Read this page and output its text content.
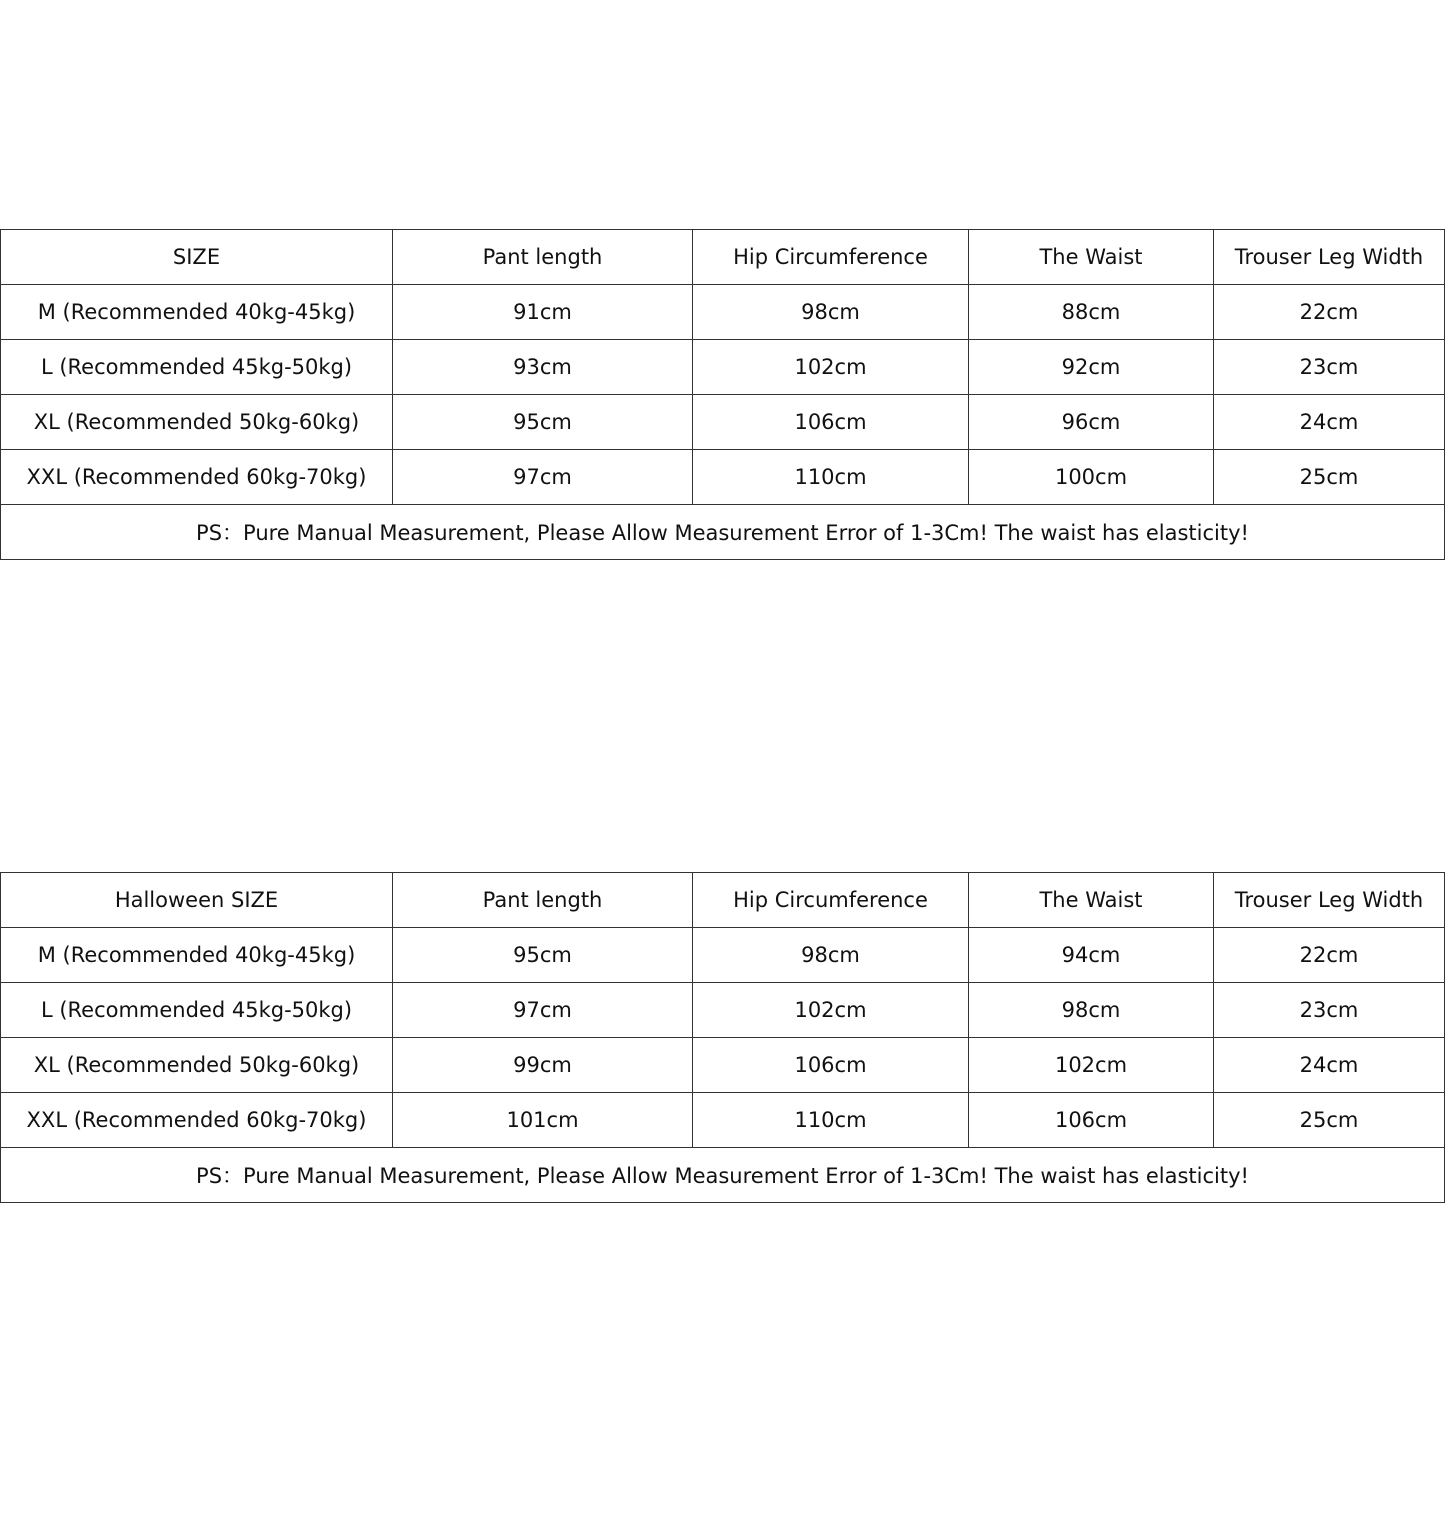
SIZE	Pant length	Hip Circumference	The Waist	Trouser Leg Width
M (Recommended 40kg-45kg)	91cm	98cm	88cm	22cm
L (Recommended 45kg-50kg)	93cm	102cm	92cm	23cm
XL (Recommended 50kg-60kg)	95cm	106cm	96cm	24cm
XXL (Recommended 60kg-70kg)	97cm	110cm	100cm	25cm
PS：Pure Manual Measurement, Please Allow Measurement Error of 1-3Cm! The waist has elasticity!				
Halloween SIZE	Pant length	Hip Circumference	The Waist	Trouser Leg Width
M (Recommended 40kg-45kg)	95cm	98cm	94cm	22cm
L (Recommended 45kg-50kg)	97cm	102cm	98cm	23cm
XL (Recommended 50kg-60kg)	99cm	106cm	102cm	24cm
XXL (Recommended 60kg-70kg)	101cm	110cm	106cm	25cm
PS：Pure Manual Measurement, Please Allow Measurement Error of 1-3Cm! The waist has elasticity!				
